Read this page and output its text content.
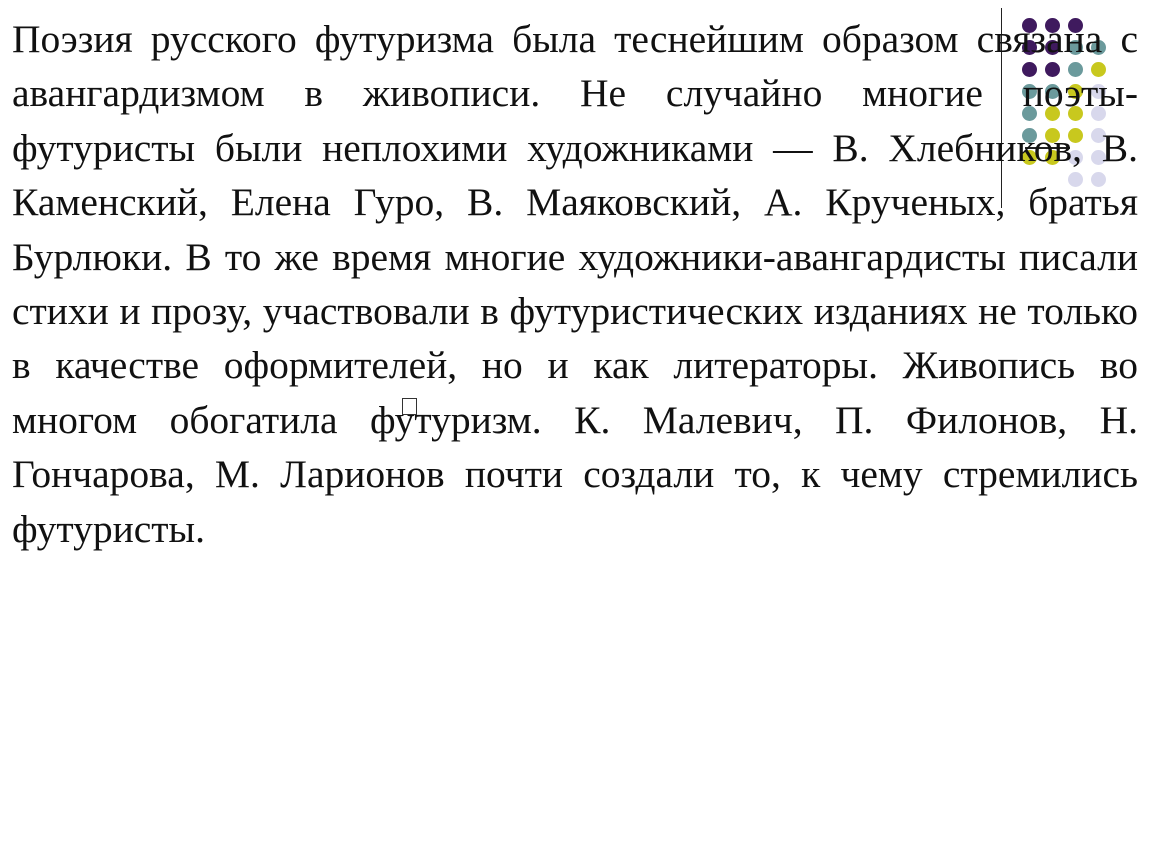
Поэзия русского футуризма была теснейшим образом связана с авангардизмом в живописи. Не случайно многие поэты-футуристы были неплохими художниками — В. Хлебников, В. Каменский, Елена Гуро, В. Маяковский, А. Крученых, братья Бурлюки. В то же время многие художники-авангардисты писали стихи и прозу, участвовали в футуристических изданиях не только в качестве оформителей, но и как литераторы. Живопись во многом обогатила футуризм. К. Малевич, П. Филонов, Н. Гончарова, М. Ларионов почти создали то, к чему стремились футуристы.
